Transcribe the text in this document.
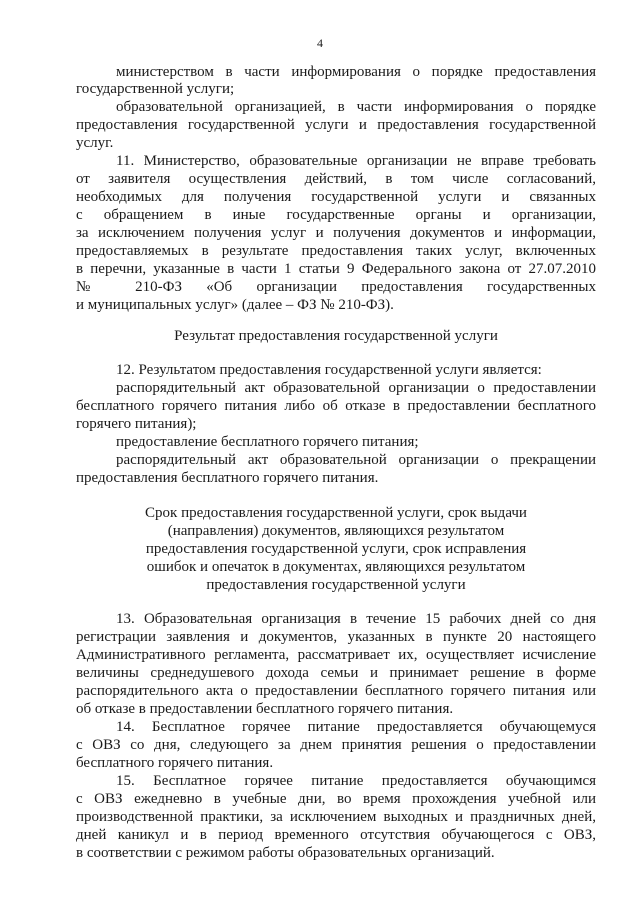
4
министерством в части информирования о порядке предоставления
государственной услуги;
образовательной организацией, в части информирования о порядке
предоставления государственной услуги и предоставления государственной
услуг.
11. Министерство, образовательные организации не вправе требовать
от заявителя осуществления действий, в том числе согласований,
необходимых для получения государственной услуги и связанных
с обращением в иные государственные органы и организации,
за исключением получения услуг и получения документов и информации,
предоставляемых в результате предоставления таких услуг, включенных
в перечни, указанные в части 1 статьи 9 Федерального закона от 27.07.2010
№ 210-ФЗ «Об организации предоставления государственных
и муниципальных услуг» (далее – ФЗ № 210-ФЗ).
Результат предоставления государственной услуги
12. Результатом предоставления государственной услуги является:
распорядительный акт образовательной организации о предоставлении
бесплатного горячего питания либо об отказе в предоставлении бесплатного
горячего питания);
предоставление бесплатного горячего питания;
распорядительный акт образовательной организации о прекращении
предоставления бесплатного горячего питания.
Срок предоставления государственной услуги, срок выдачи
(направления) документов, являющихся результатом
предоставления государственной услуги, срок исправления
ошибок и опечаток в документах, являющихся результатом
предоставления государственной услуги
13. Образовательная организация в течение 15 рабочих дней со дня
регистрации заявления и документов, указанных в пункте 20 настоящего
Административного регламента, рассматривает их, осуществляет исчисление
величины среднедушевого дохода семьи и принимает решение в форме
распорядительного акта о предоставлении бесплатного горячего питания или
об отказе в предоставлении бесплатного горячего питания.
14. Бесплатное горячее питание предоставляется обучающемуся
с ОВЗ со дня, следующего за днем принятия решения о предоставлении
бесплатного горячего питания.
15. Бесплатное горячее питание предоставляется обучающимся
с ОВЗ ежедневно в учебные дни, во время прохождения учебной или
производственной практики, за исключением выходных и праздничных дней,
дней каникул и в период временного отсутствия обучающегося с ОВЗ,
в соответствии с режимом работы образовательных организаций.
